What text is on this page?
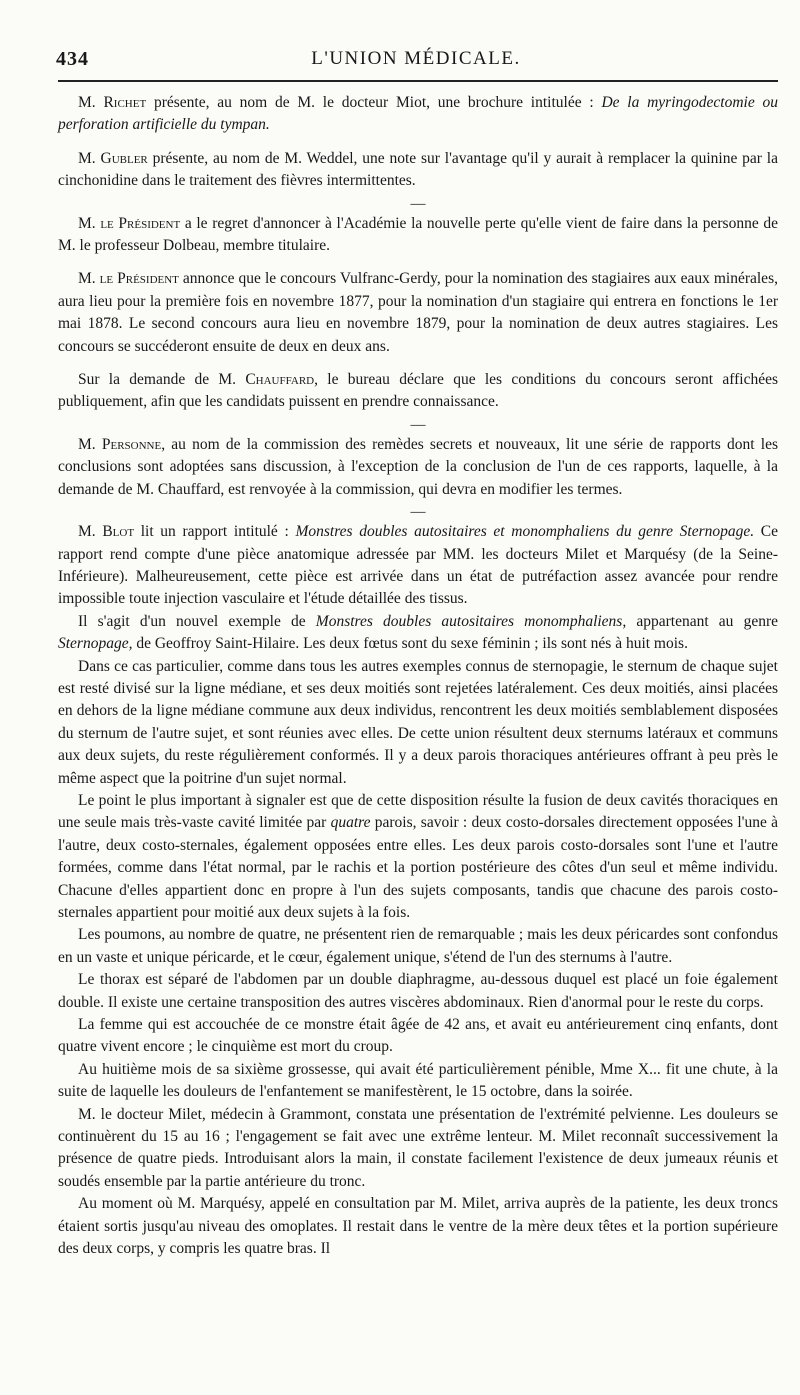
434	L'UNION MÉDICALE.

M. Richet présente, au nom de M. le docteur Miot, une brochure intitulée : De la myringodectomie ou perforation artificielle du tympan.

M. Gubler présente, au nom de M. Weddel, une note sur l'avantage qu'il y aurait à remplacer la quinine par la cinchonidine dans le traitement des fièvres intermittentes.

—

M. le Président a le regret d'annoncer à l'Académie la nouvelle perte qu'elle vient de faire dans la personne de M. le professeur Dolbeau, membre titulaire.

M. le Président annonce que le concours Vulfranc-Gerdy, pour la nomination des stagiaires aux eaux minérales, aura lieu pour la première fois en novembre 1877, pour la nomination d'un stagiaire qui entrera en fonctions le 1er mai 1878. Le second concours aura lieu en novembre 1879, pour la nomination de deux autres stagiaires. Les concours se succéderont ensuite de deux en deux ans.

Sur la demande de M. Chauffard, le bureau déclare que les conditions du concours seront affichées publiquement, afin que les candidats puissent en prendre connaissance.

—

M. Personne, au nom de la commission des remèdes secrets et nouveaux, lit une série de rapports dont les conclusions sont adoptées sans discussion, à l'exception de la conclusion de l'un de ces rapports, laquelle, à la demande de M. Chauffard, est renvoyée à la commission, qui devra en modifier les termes.

—

M. Blot lit un rapport intitulé : Monstres doubles autositaires et monomphaliens du genre Sternopage. Ce rapport rend compte d'une pièce anatomique adressée par MM. les docteurs Milet et Marquésy (de la Seine-Inférieure). Malheureusement, cette pièce est arrivée dans un état de putréfaction assez avancée pour rendre impossible toute injection vasculaire et l'étude détaillée des tissus.

Il s'agit d'un nouvel exemple de Monstres doubles autositaires monomphaliens, appartenant au genre Sternopage, de Geoffroy Saint-Hilaire. Les deux fœtus sont du sexe féminin ; ils sont nés à huit mois.

Dans ce cas particulier, comme dans tous les autres exemples connus de sternopagie, le sternum de chaque sujet est resté divisé sur la ligne médiane, et ses deux moitiés sont rejetées latéralement. Ces deux moitiés, ainsi placées en dehors de la ligne médiane commune aux deux individus, rencontrent les deux moitiés semblablement disposées du sternum de l'autre sujet, et sont réunies avec elles. De cette union résultent deux sternums latéraux et communs aux deux sujets, du reste régulièrement conformés. Il y a deux parois thoraciques antérieures offrant à peu près le même aspect que la poitrine d'un sujet normal.

Le point le plus important à signaler est que de cette disposition résulte la fusion de deux cavités thoraciques en une seule mais très-vaste cavité limitée par quatre parois, savoir : deux costo-dorsales directement opposées l'une à l'autre, deux costo-sternales, également opposées entre elles. Les deux parois costo-dorsales sont l'une et l'autre formées, comme dans l'état normal, par le rachis et la portion postérieure des côtes d'un seul et même individu. Chacune d'elles appartient donc en propre à l'un des sujets composants, tandis que chacune des parois costo-sternales appartient pour moitié aux deux sujets à la fois.

Les poumons, au nombre de quatre, ne présentent rien de remarquable ; mais les deux péricardes sont confondus en un vaste et unique péricarde, et le cœur, également unique, s'étend de l'un des sternums à l'autre.

Le thorax est séparé de l'abdomen par un double diaphragme, au-dessous duquel est placé un foie également double. Il existe une certaine transposition des autres viscères abdominaux. Rien d'anormal pour le reste du corps.

La femme qui est accouchée de ce monstre était âgée de 42 ans, et avait eu antérieurement cinq enfants, dont quatre vivent encore ; le cinquième est mort du croup.

Au huitième mois de sa sixième grossesse, qui avait été particulièrement pénible, Mme X... fit une chute, à la suite de laquelle les douleurs de l'enfantement se manifestèrent, le 15 octobre, dans la soirée.

M. le docteur Milet, médecin à Grammont, constata une présentation de l'extrémité pelvienne. Les douleurs se continuèrent du 15 au 16 ; l'engagement se fait avec une extrême lenteur. M. Milet reconnaît successivement la présence de quatre pieds. Introduisant alors la main, il constate facilement l'existence de deux jumeaux réunis et soudés ensemble par la partie antérieure du tronc.

Au moment où M. Marquésy, appelé en consultation par M. Milet, arriva auprès de la patiente, les deux troncs étaient sortis jusqu'au niveau des omoplates. Il restait dans le ventre de la mère deux têtes et la portion supérieure des deux corps, y compris les quatre bras. Il
